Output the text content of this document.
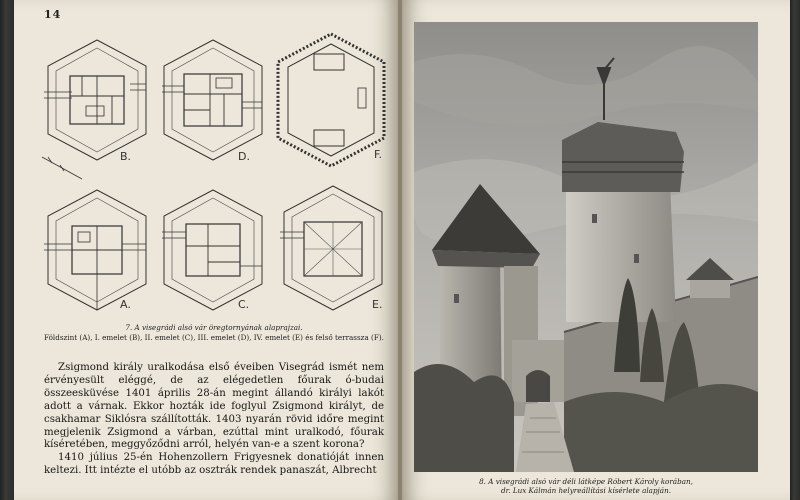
14
B.	D.	F.
A.	C.	E.
7. A visegrádi alsó vár öregtornyának alaprajzai.
Földszint (A), I. emelet (B), II. emelet (C), III. emelet (D), IV. emelet (E) és felső terrassza (F).

Zsigmond király uralkodása első éveiben Visegrád ismét nem érvényesült eléggé, de az elégedetlen főurak ó-budai összeesküvése 1401 április 28-án megint állandó királyi lakót adott a várnak. Ekkor hozták ide foglyul Zsigmond királyt, de csakhamar Siklósra szállították. 1403 nyarán rövid időre megint megjelenik Zsigmond a várban, ezúttal mint uralkodó, főurak kíséretében, meggyőződni arról, helyén van-e a szent korona?

1410 július 25-én Hohenzollern Frigyesnek donatióját innen keltezi. Itt intézte el utóbb az osztrák rendek panaszát, Albrecht

8. A visegrádi alsó vár déli látképe Róbert Károly korában,
dr. Lux Kálmán helyreállítási kísérlete alapján.
